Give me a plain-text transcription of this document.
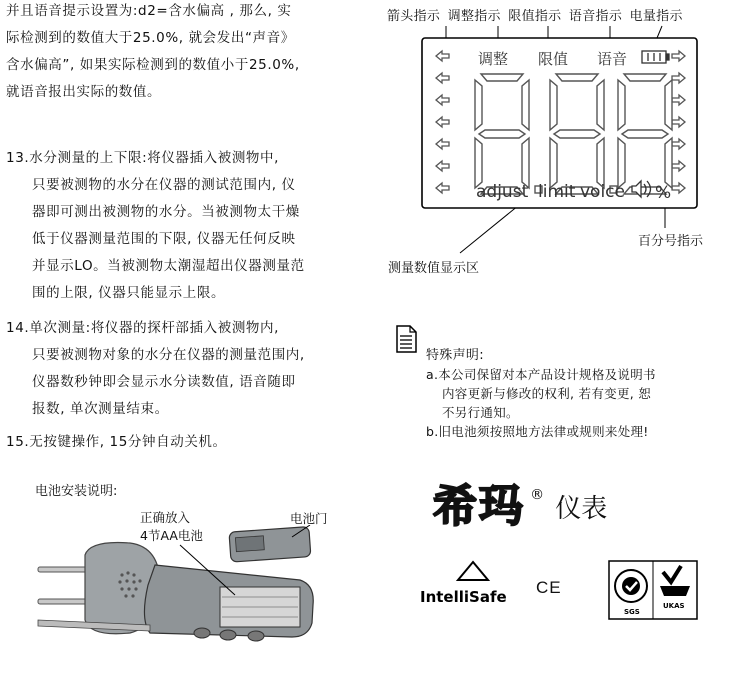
并且语音提示设置为:d2=含水偏高 , 那么, 实
际检测到的数值大于25.0%, 就会发出“声音》
含水偏高”, 如果实际检测到的数值小于25.0%,
就语音报出实际的数值。
13.水分测量的上下限:将仪器插入被测物中,
只要被测物的水分在仪器的测试范围内, 仪
器即可测出被测物的水分。当被测物太干燥
低于仪器测量范围的下限, 仪器无任何反映
并显示LO。当被测物太潮湿超出仪器测量范
围的上限, 仪器只能显示上限。
14.单次测量:将仪器的探杆部插入被测物内,
只要被测物对象的水分在仪器的测量范围内,
仪器数秒钟即会显示水分读数值, 语音随即
报数, 单次测量结束。
15.无按键操作, 15分钟自动关机。
电池安装说明:
正确放入
4节AA电池
电池门
箭头指示 调整指示 限值指示 语音指示 电量指示
调整 限值 语音
adjust limit voice %
百分号指示
测量数值显示区
特殊声明:
a.本公司保留对本产品设计规格及说明书
内容更新与修改的权利, 若有变更, 恕
不另行通知。
b.旧电池须按照地方法律或规则来处理!
希玛 ® 仪表
IntelliSafe CE
SGS
UKAS
